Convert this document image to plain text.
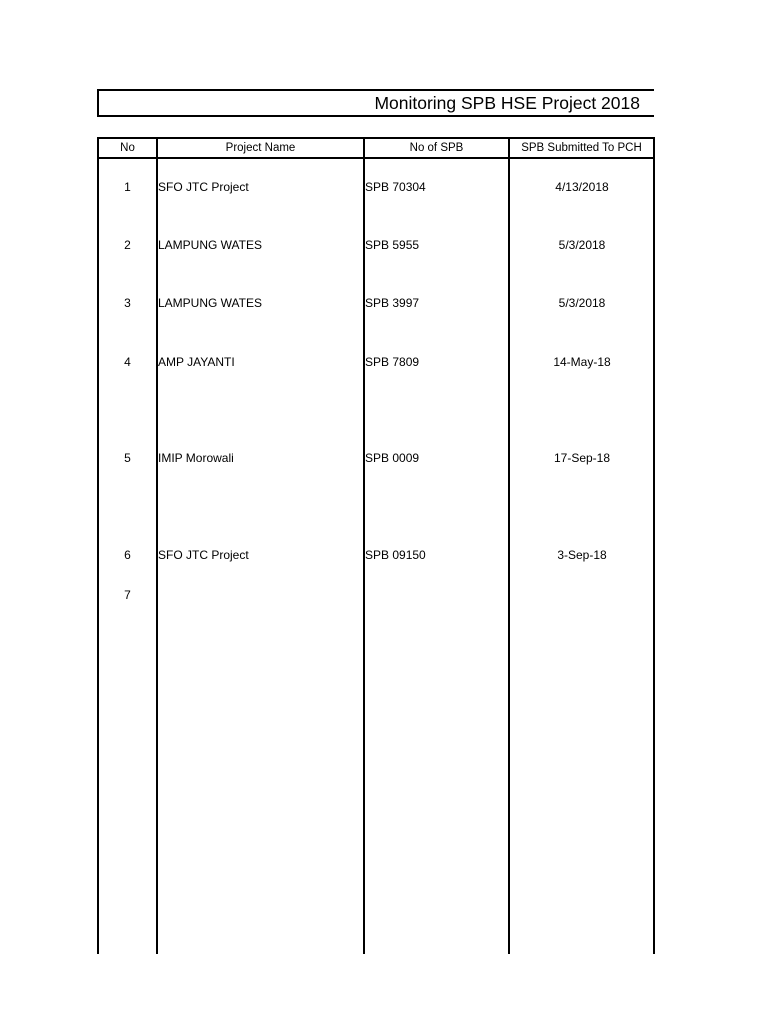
Monitoring SPB HSE Project 2018
No	Project Name	No of SPB	SPB Submitted To PCH
1	SFO JTC Project	SPB 70304	4/13/2018
2	LAMPUNG WATES	SPB 5955	5/3/2018
3	LAMPUNG WATES	SPB 3997	5/3/2018
4	AMP JAYANTI	SPB 7809	14-May-18
5	IMIP Morowali	SPB 0009	17-Sep-18
6	SFO JTC Project	SPB 09150	3-Sep-18
7
